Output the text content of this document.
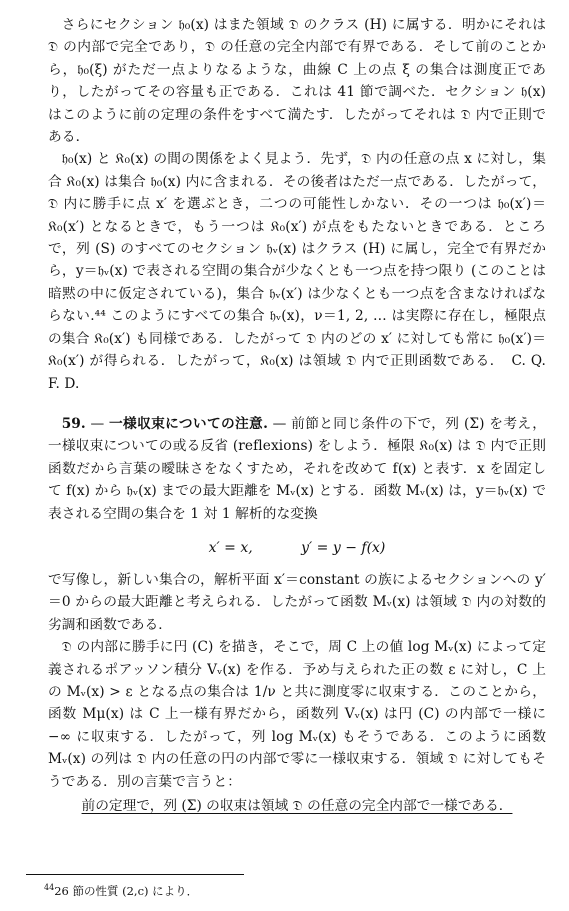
さらにセクション 𝔥₀(x) はまた領域 𝔇 のクラス (H) に属する．明かにそれは 𝔇 の内部で完全であり，𝔇 の任意の完全内部で有界である．そして前のことから，𝔥₀(ξ) がただ一点よりなるような，曲線 C 上の点 ξ の集合は測度正であり，したがってその容量も正である．これは 41 節で調べた．セクション 𝔥(x) はこのように前の定理の条件をすべて満たす．したがってそれは 𝔇 内で正則である．

𝔥₀(x) と 𝔎₀(x) の間の関係をよく見よう．先ず，𝔇 内の任意の点 x に対し，集合 𝔎₀(x) は集合 𝔥₀(x) 内に含まれる．その後者はただ一点である．したがって，𝔇 内に勝手に点 x′ を選ぶとき，二つの可能性しかない．その一つは 𝔥₀(x′)＝𝔎₀(x′) となるときで，もう一つは 𝔎₀(x′) が点をもたないときである．ところで，列 (S) のすべてのセクション 𝔥ᵥ(x) はクラス (H) に属し，完全で有界だから，y＝𝔥ᵥ(x) で表される空間の集合が少なくとも一つ点を持つ限り (このことは暗黙の中に仮定されている)，集合 𝔥ᵥ(x′) は少なくとも一つ点を含まなければならない.⁴⁴ このようにすべての集合 𝔥ᵥ(x)，ν＝1, 2, … は実際に存在し，極限点の集合 𝔎₀(x′) も同様である．したがって 𝔇 内のどの x′ に対しても常に 𝔥₀(x′)＝𝔎₀(x′) が得られる．したがって，𝔎₀(x) は領域 𝔇 内で正則函数である．　C. Q. F. D.

59. — 一様収束についての注意. — 前節と同じ条件の下で，列 (Σ) を考え，一様収束についての或る反省 (reflexions) をしよう．極限 𝔎₀(x) は 𝔇 内で正則函数だから言葉の曖昧さをなくすため，それを改めて f(x) と表す．x を固定して f(x) から 𝔥ᵥ(x) までの最大距離を Mᵥ(x) とする．函数 Mᵥ(x) は，y＝𝔥ᵥ(x) で表される空間の集合を 1 対 1 解析的な変換

x′ = x,	y′ = y − f(x)

で写像し，新しい集合の，解析平面 x′＝constant の族によるセクションへの y′＝0 からの最大距離と考えられる．したがって函数 Mᵥ(x) は領域 𝔇 内の対数的劣調和函数である．

𝔇 の内部に勝手に円 (C) を描き，そこで，周 C 上の値 log Mᵥ(x) によって定義されるポアッソン積分 Vᵥ(x) を作る．予め与えられた正の数 ε に対し，C 上の Mᵥ(x) > ε となる点の集合は 1/ν と共に測度零に収束する．このことから，函数 Mμ(x) は C 上一様有界だから，函数列 Vᵥ(x) は円 (C) の内部で一様に −∞ に収束する．したがって，列 log Mᵥ(x) もそうである．このように函数 Mᵥ(x) の列は 𝔇 内の任意の円の内部で零に一様収束する．領域 𝔇 に対してもそうである．別の言葉で言うと：

前の定理で，列 (Σ) の収束は領域 𝔇 の任意の完全内部で一様である．

$^{44}$26 節の性質 (2,c) により．
